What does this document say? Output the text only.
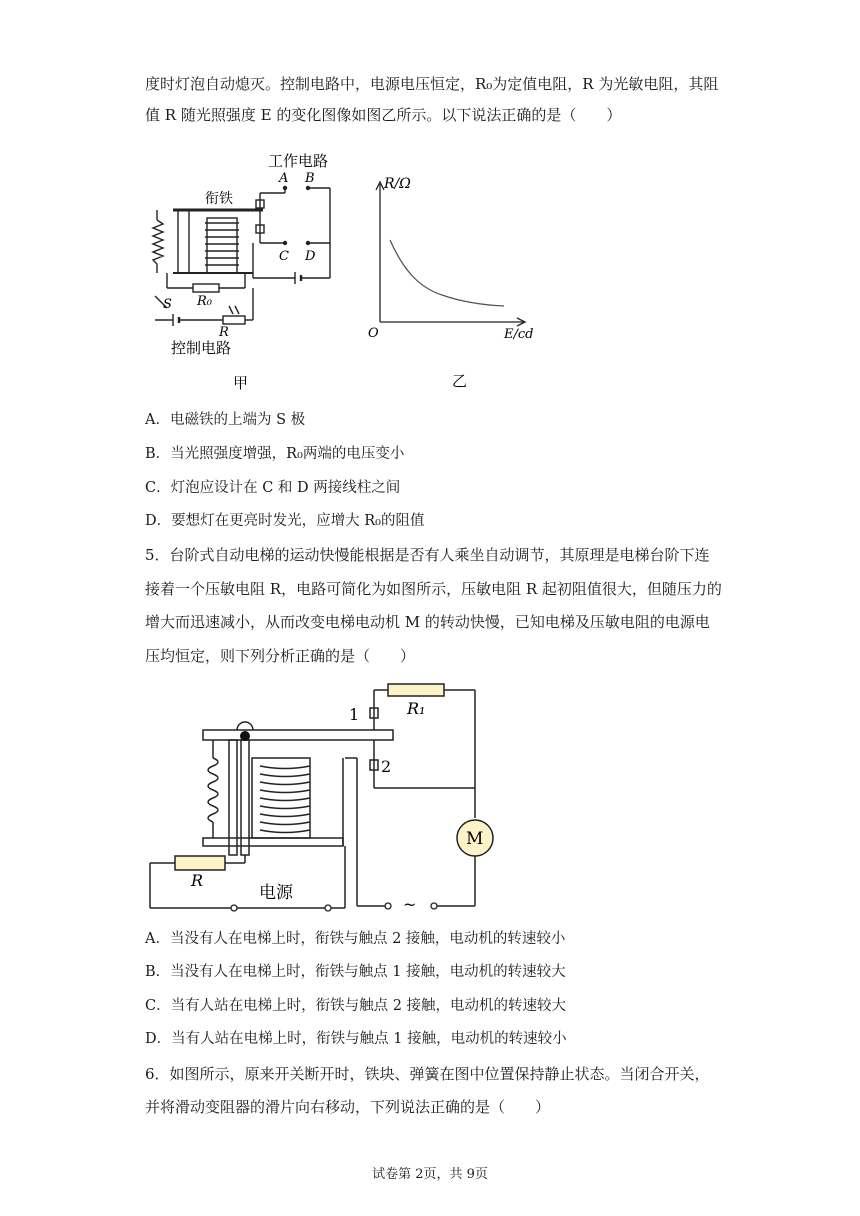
度时灯泡自动熄灭。控制电路中，电源电压恒定，R₀为定值电阻，R 为光敏电阻，其阻
值 R 随光照强度 E 的变化图像如图乙所示。以下说法正确的是（　　）
工作电路
A B
衔铁
C D
S R₀
R
控制电路
甲
R/Ω
O	E/cd
乙
A．电磁铁的上端为 S 极
B．当光照强度增强，R₀两端的电压变小
C．灯泡应设计在 C 和 D 两接线柱之间
D．要想灯在更亮时发光，应增大 R₀的阻值
5．台阶式自动电梯的运动快慢能根据是否有人乘坐自动调节，其原理是电梯台阶下连
接着一个压敏电阻 R，电路可简化为如图所示，压敏电阻 R 起初阻值很大，但随压力的
增大而迅速减小，从而改变电梯电动机 M 的转动快慢，已知电梯及压敏电阻的电源电
压均恒定，则下列分析正确的是（　　）
1
2
R₁
M
R
电源
~
A．当没有人在电梯上时，衔铁与触点 2 接触，电动机的转速较小
B．当没有人在电梯上时，衔铁与触点 1 接触，电动机的转速较大
C．当有人站在电梯上时，衔铁与触点 2 接触，电动机的转速较大
D．当有人站在电梯上时，衔铁与触点 1 接触，电动机的转速较小
6．如图所示，原来开关断开时，铁块、弹簧在图中位置保持静止状态。当闭合开关，
并将滑动变阻器的滑片向右移动，下列说法正确的是（　　）
试卷第 2页，共 9页
